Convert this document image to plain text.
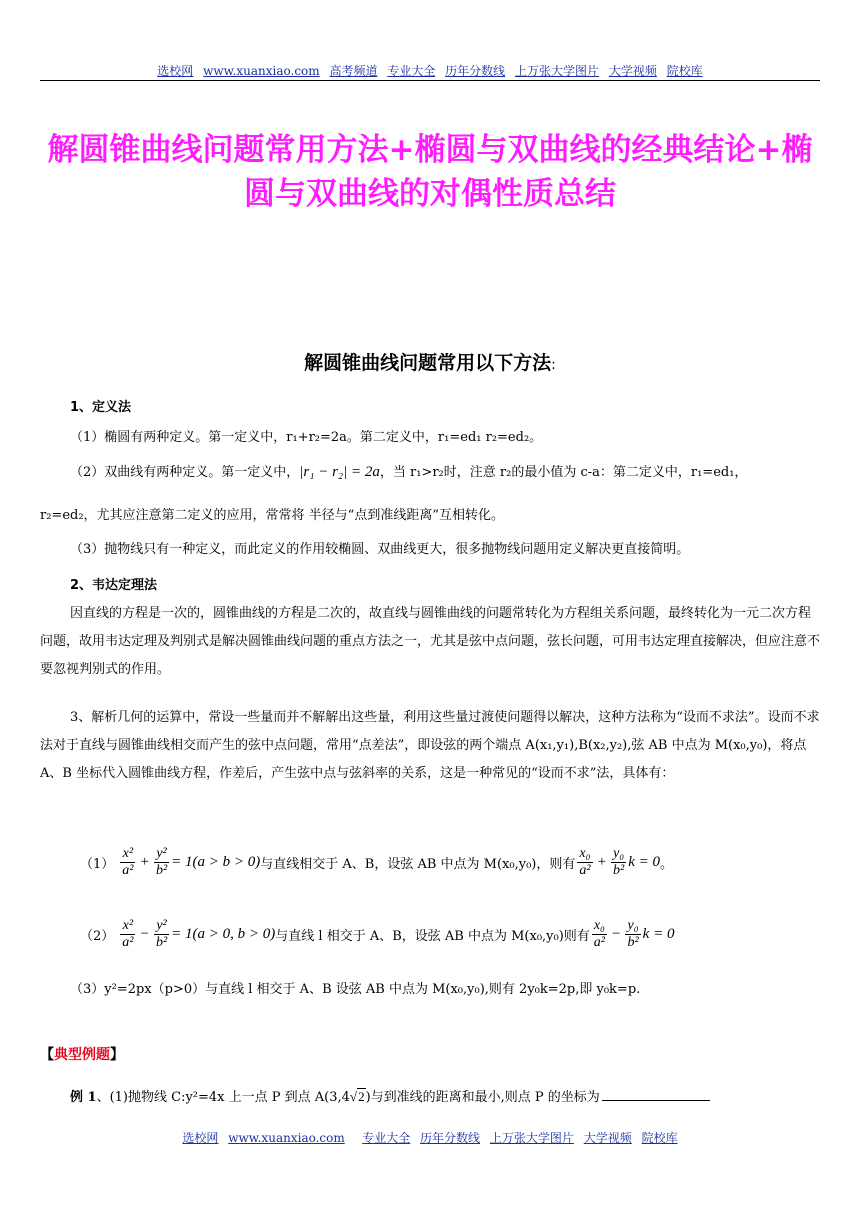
选校网 www.xuanxiao.com 高考频道 专业大全 历年分数线 上万张大学图片 大学视频 院校库
解圆锥曲线问题常用方法+椭圆与双曲线的经典结论+椭
圆与双曲线的对偶性质总结
解圆锥曲线问题常用以下方法:
1、定义法
（1）椭圆有两种定义。第一定义中，r₁+r₂=2a。第二定义中，r₁=ed₁ r₂=ed₂。
（2）双曲线有两种定义。第一定义中，|r₁ − r₂| = 2a，当 r₁>r₂时，注意 r₂的最小值为 c-a：第二定义中，r₁=ed₁，
r₂=ed₂，尤其应注意第二定义的应用，常常将 半径与“点到准线距离”互相转化。
（3）抛物线只有一种定义，而此定义的作用较椭圆、双曲线更大，很多抛物线问题用定义解决更直接简明。
2、韦达定理法
因直线的方程是一次的，圆锥曲线的方程是二次的，故直线与圆锥曲线的问题常转化为方程组关系问题，最终转化为一元二次方程问题，故用韦达定理及判别式是解决圆锥曲线问题的重点方法之一，尤其是弦中点问题，弦长问题，可用韦达定理直接解决，但应注意不要忽视判别式的作用。
3、解析几何的运算中，常设一些量而并不解解出这些量，利用这些量过渡使问题得以解决，这种方法称为“设而不求法”。设而不求法对于直线与圆锥曲线相交而产生的弦中点问题，常用“点差法”，即设弦的两个端点 A(x₁,y₁),B(x₂,y₂),弦 AB 中点为 M(x₀,y₀)，将点 A、B 坐标代入圆锥曲线方程，作差后，产生弦中点与弦斜率的关系，这是一种常见的“设而不求”法，具体有：
$(1) \frac{\text{x²}}{\text{a²}} + \frac{\text{y²}}{\text{b²}} = 1(a > b > 0)$ 与直线相交于 A、B，设弦 AB 中点为 M(x₀,y₀)，则有 $\frac{\text{x₀}}{\text{a²}} + \frac{\text{y₀}}{\text{b²}}$ k = 0 。
$(2) \frac{\text{x²}}{\text{a²}} - \frac{\text{y²}}{\text{b²}} = 1(a > 0$, b > 0) 与直线 l 相交于 A、B，设弦 AB 中点为 M(x₀,y₀)则有 $\frac{\text{x₀}}{\text{a²}} - \frac{\text{y₀}}{\text{b²}}$ k = 0
（3）y²=2px（p>0）与直线 l 相交于 A、B 设弦 AB 中点为 M(x₀,y₀),则有 2y₀k=2p,即 y₀k=p.
【典型例题】
例 1、(1)抛物线 C:y²=4x 上一点 P 到点 A(3,4√2)与到准线的距离和最小,则点 P 的坐标为
选校网 www.xuanxiao.com 专业大全 历年分数线 上万张大学图片 大学视频 院校库
